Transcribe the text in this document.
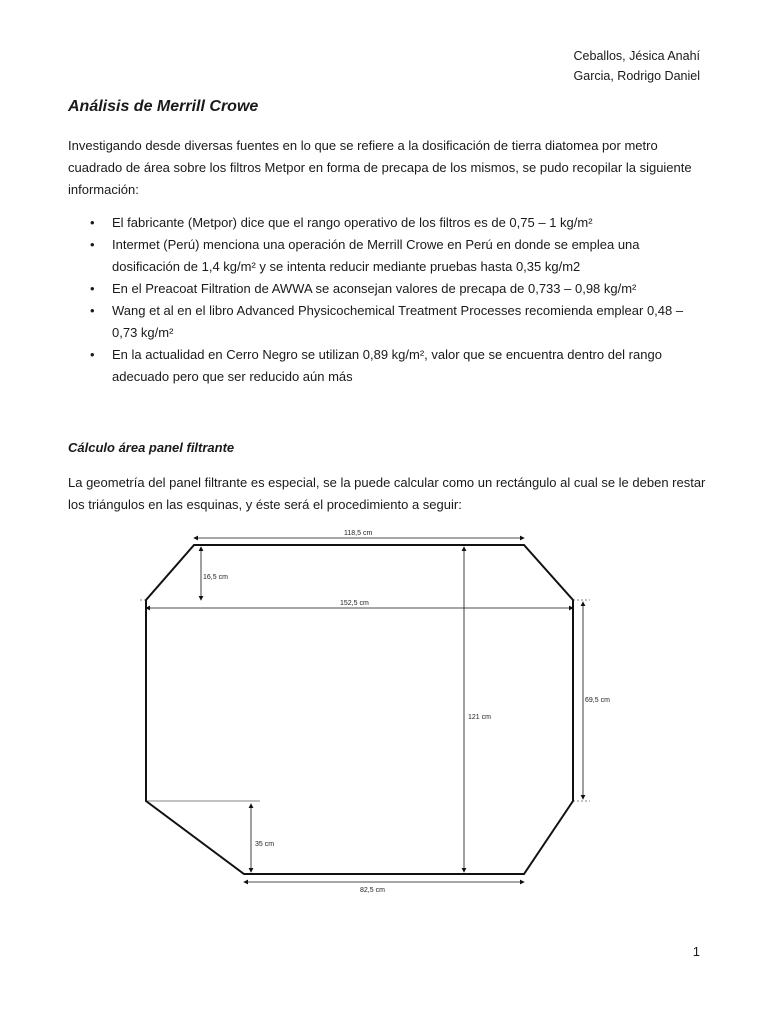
Ceballos, Jésica Anahí
Garcia, Rodrigo Daniel
Análisis de Merrill Crowe

Investigando desde diversas fuentes en lo que se refiere a la dosificación de tierra diatomea por metro cuadrado de área sobre los filtros Metpor en forma de precapa de los mismos, se pudo recopilar la siguiente información:

• El fabricante (Metpor) dice que el rango operativo de los filtros es de 0,75 – 1 kg/m²
• Intermet (Perú) menciona una operación de Merrill Crowe en Perú en donde se emplea una dosificación de 1,4 kg/m² y se intenta reducir mediante pruebas hasta 0,35 kg/m2
• En el Preacoat Filtration de AWWA se aconsejan valores de precapa de 0,733 – 0,98 kg/m²
• Wang et al en el libro Advanced Physicochemical Treatment Processes recomienda emplear 0,48 – 0,73 kg/m²
• En la actualidad en Cerro Negro se utilizan 0,89 kg/m², valor que se encuentra dentro del rango adecuado pero que ser reducido aún más
Cálculo área panel filtrante

La geometría del panel filtrante es especial, se la puede calcular como un rectángulo al cual se le deben restar los triángulos en las esquinas, y éste será el procedimiento a seguir:

118,5 cm
16,5 cm
152,5 cm
121 cm
69,5 cm
35 cm
82,5 cm
1
